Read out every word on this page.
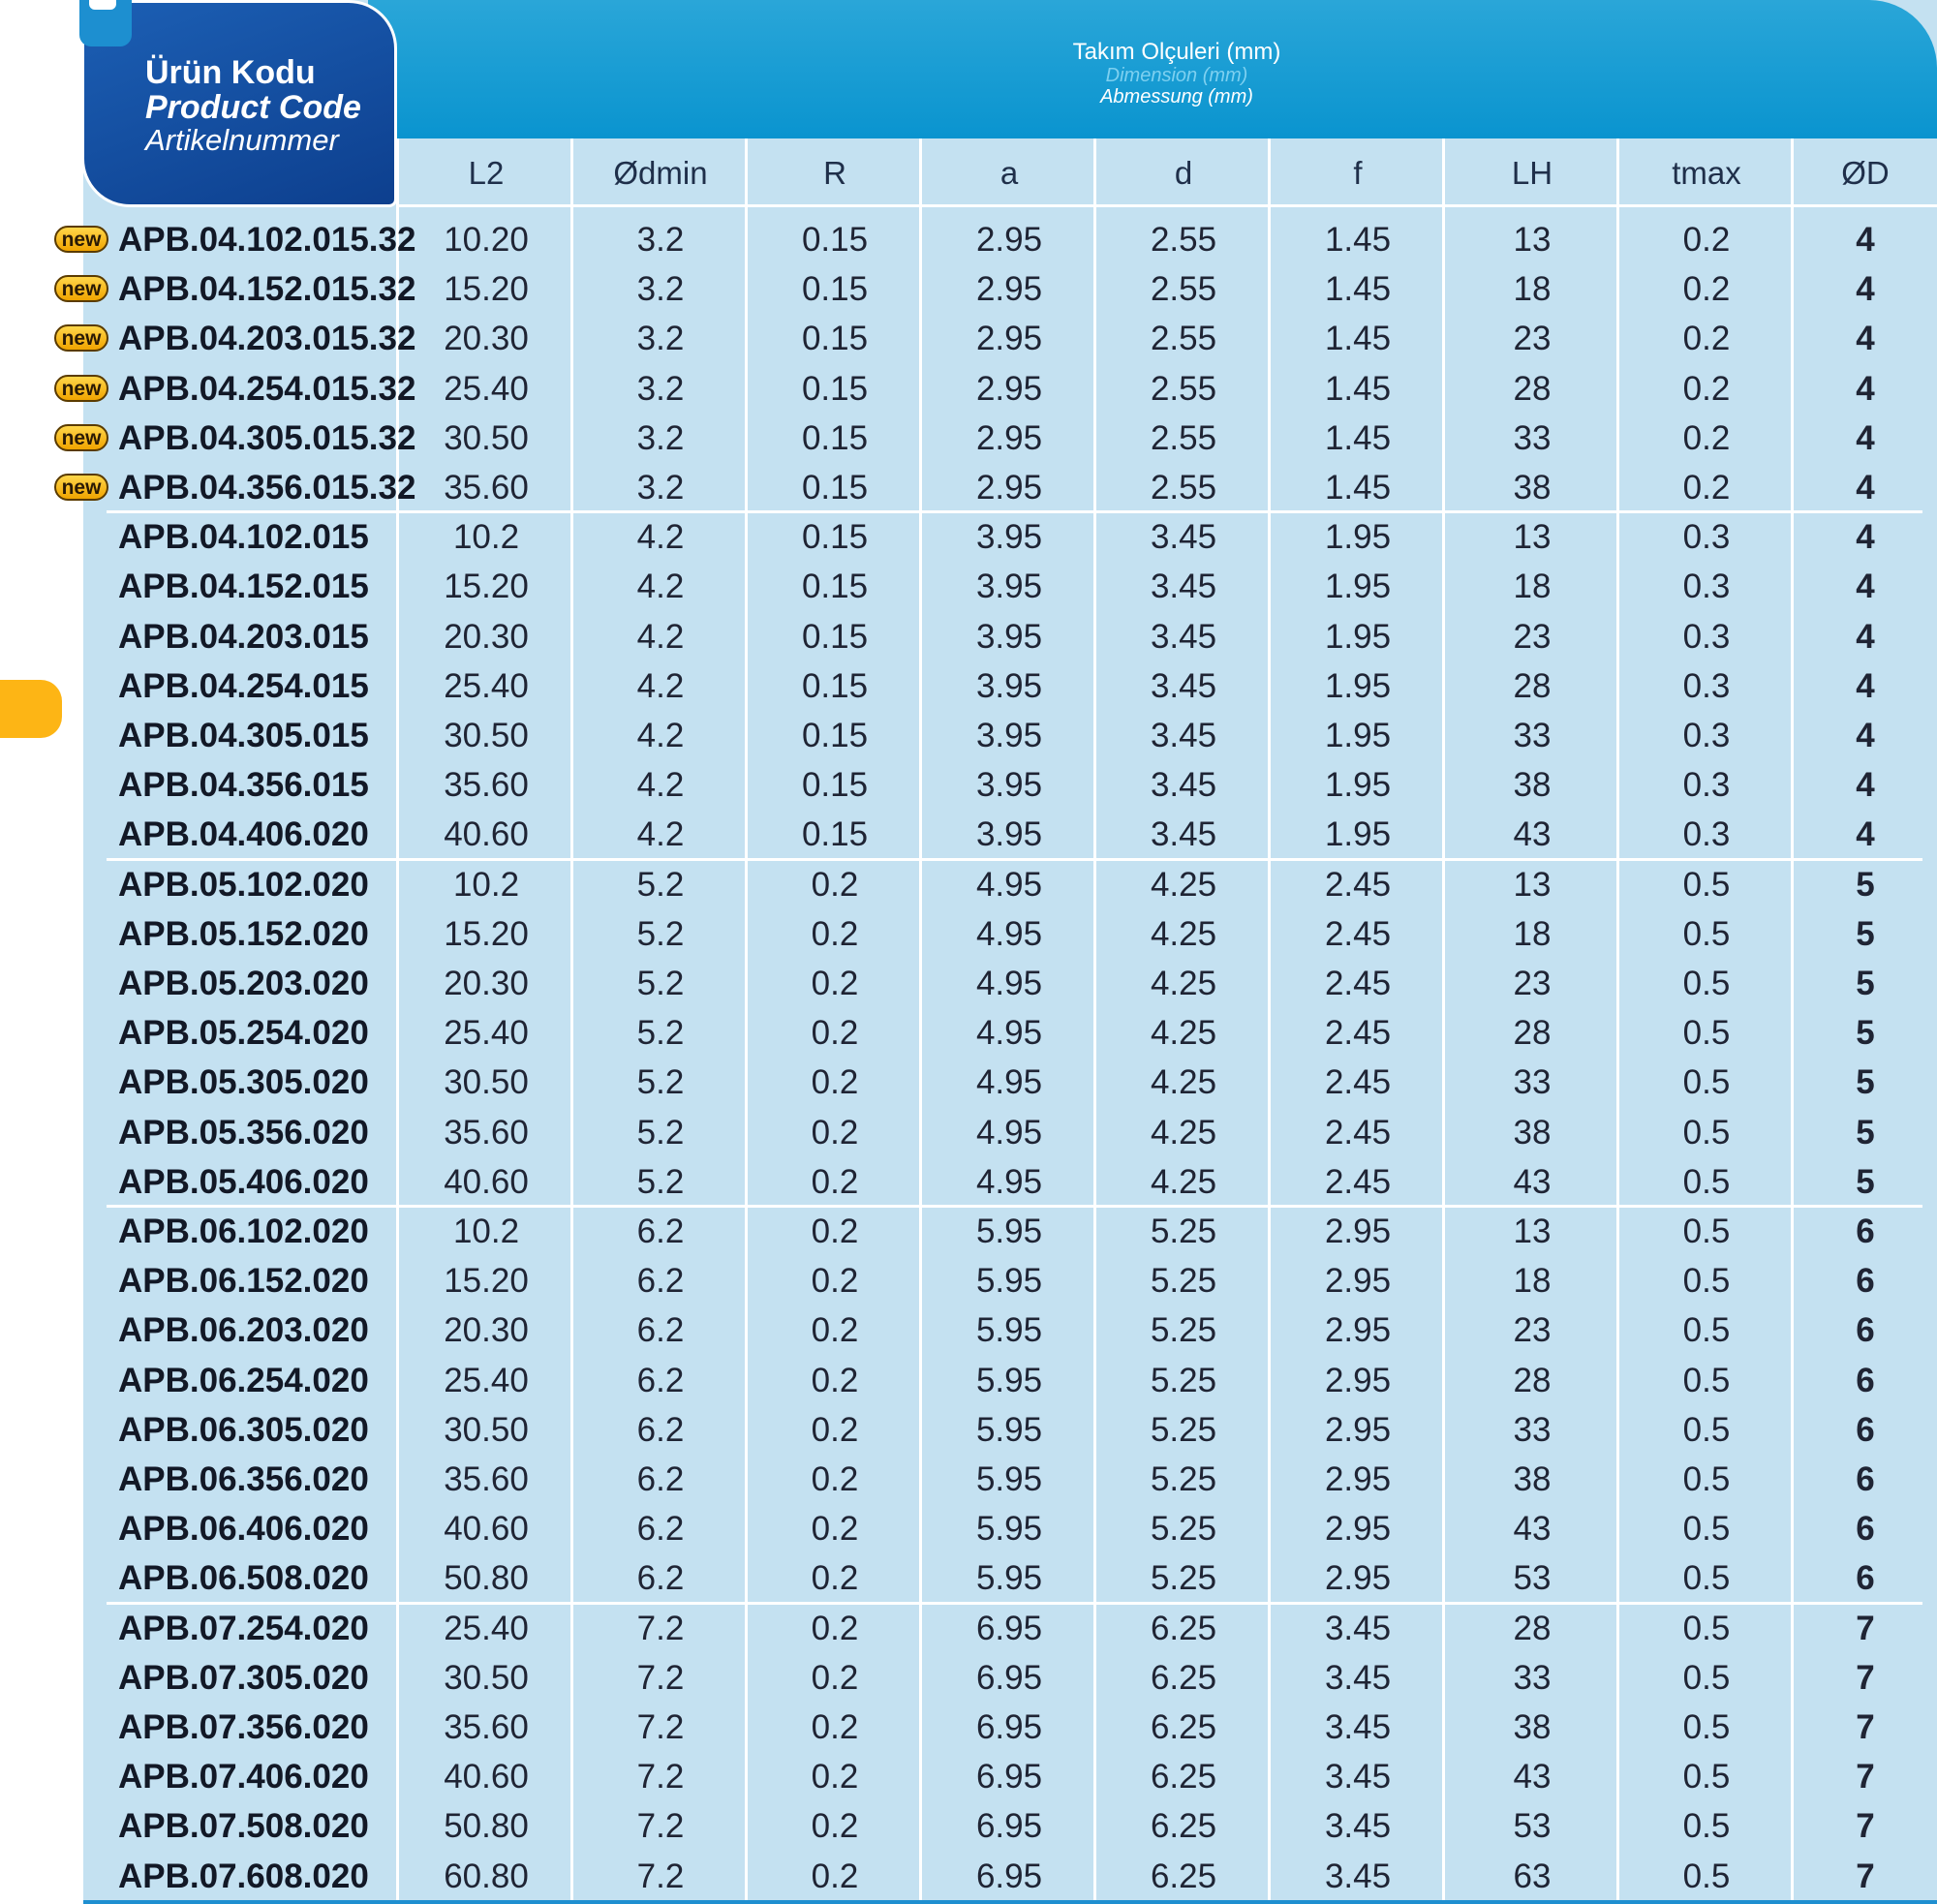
Takım Olçuleri (mm)
Dimension (mm)
Abmessung (mm)
Ürün Kodu
Product Code
Artikelnummer
L2	Ødmin	R	a	d	f	LH	tmax	ØD
new APB.04.102.015.32 10.20	3.2	0.15	2.95	2.55	1.45	13	0.2	4
new APB.04.152.015.32 15.20	3.2	0.15	2.95	2.55	1.45	18	0.2	4
new APB.04.203.015.32 20.30	3.2	0.15	2.95	2.55	1.45	23	0.2	4
new APB.04.254.015.32 25.40	3.2	0.15	2.95	2.55	1.45	28	0.2	4
new APB.04.305.015.32 30.50	3.2	0.15	2.95	2.55	1.45	33	0.2	4
new APB.04.356.015.32 35.60	3.2	0.15	2.95	2.55	1.45	38	0.2	4
APB.04.102.015	10.2	4.2	0.15	3.95	3.45	1.95	13	0.3	4
APB.04.152.015	15.20	4.2	0.15	3.95	3.45	1.95	18	0.3	4
APB.04.203.015	20.30	4.2	0.15	3.95	3.45	1.95	23	0.3	4
APB.04.254.015	25.40	4.2	0.15	3.95	3.45	1.95	28	0.3	4
APB.04.305.015	30.50	4.2	0.15	3.95	3.45	1.95	33	0.3	4
APB.04.356.015	35.60	4.2	0.15	3.95	3.45	1.95	38	0.3	4
APB.04.406.020	40.60	4.2	0.15	3.95	3.45	1.95	43	0.3	4
APB.05.102.020	10.2	5.2	0.2	4.95	4.25	2.45	13	0.5	5
APB.05.152.020	15.20	5.2	0.2	4.95	4.25	2.45	18	0.5	5
APB.05.203.020	20.30	5.2	0.2	4.95	4.25	2.45	23	0.5	5
APB.05.254.020	25.40	5.2	0.2	4.95	4.25	2.45	28	0.5	5
APB.05.305.020	30.50	5.2	0.2	4.95	4.25	2.45	33	0.5	5
APB.05.356.020	35.60	5.2	0.2	4.95	4.25	2.45	38	0.5	5
APB.05.406.020	40.60	5.2	0.2	4.95	4.25	2.45	43	0.5	5
APB.06.102.020	10.2	6.2	0.2	5.95	5.25	2.95	13	0.5	6
APB.06.152.020	15.20	6.2	0.2	5.95	5.25	2.95	18	0.5	6
APB.06.203.020	20.30	6.2	0.2	5.95	5.25	2.95	23	0.5	6
APB.06.254.020	25.40	6.2	0.2	5.95	5.25	2.95	28	0.5	6
APB.06.305.020	30.50	6.2	0.2	5.95	5.25	2.95	33	0.5	6
APB.06.356.020	35.60	6.2	0.2	5.95	5.25	2.95	38	0.5	6
APB.06.406.020	40.60	6.2	0.2	5.95	5.25	2.95	43	0.5	6
APB.06.508.020	50.80	6.2	0.2	5.95	5.25	2.95	53	0.5	6
APB.07.254.020	25.40	7.2	0.2	6.95	6.25	3.45	28	0.5	7
APB.07.305.020	30.50	7.2	0.2	6.95	6.25	3.45	33	0.5	7
APB.07.356.020	35.60	7.2	0.2	6.95	6.25	3.45	38	0.5	7
APB.07.406.020	40.60	7.2	0.2	6.95	6.25	3.45	43	0.5	7
APB.07.508.020	50.80	7.2	0.2	6.95	6.25	3.45	53	0.5	7
APB.07.608.020	60.80	7.2	0.2	6.95	6.25	3.45	63	0.5	7
